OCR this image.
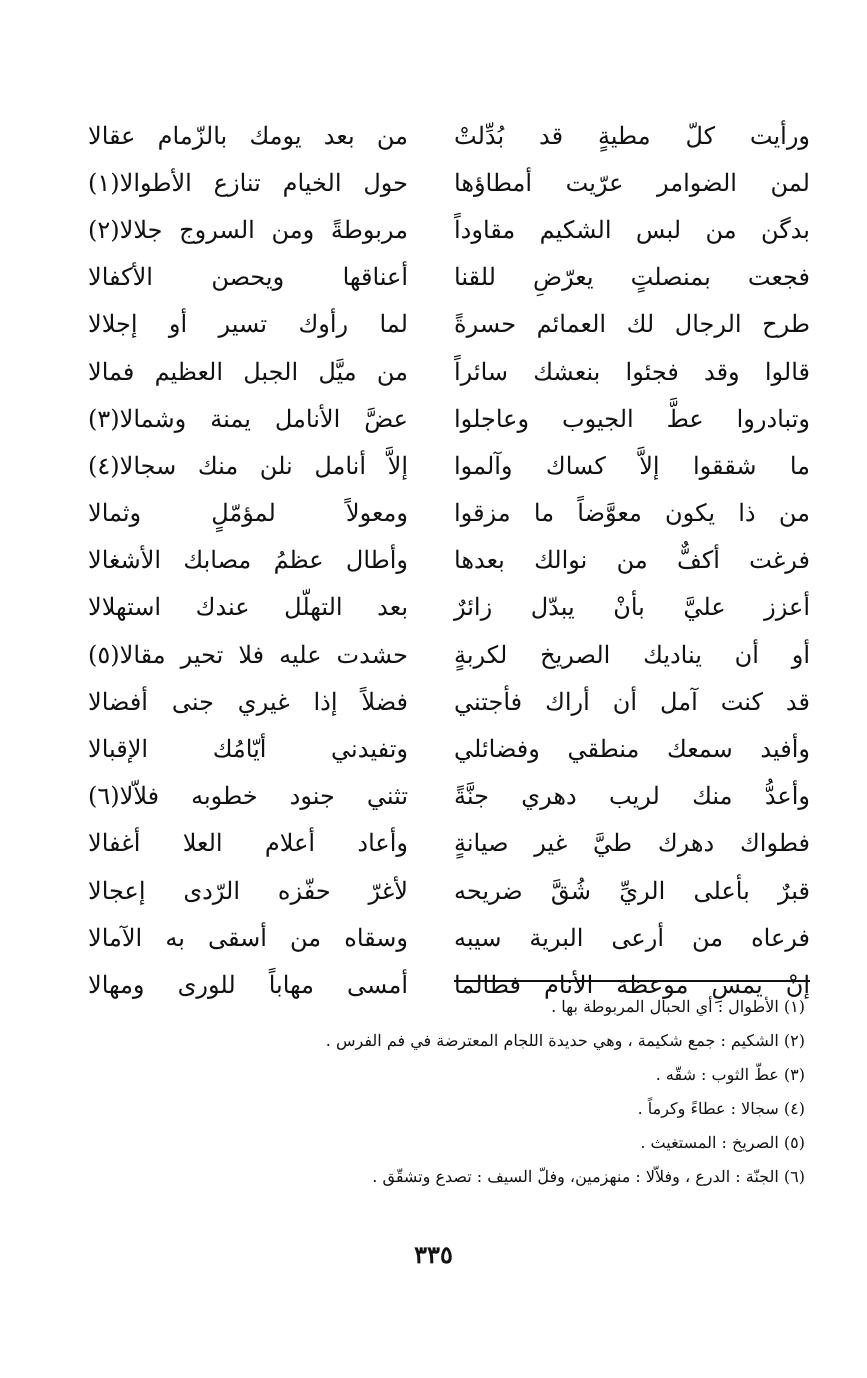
ورأيت كلّ مطيةٍ قد بُدِّلتْ
من بعد يومك بالزّمام عقالا
لمن الضوامر عرّيت أمطاؤها
حول الخيام تنازع الأطوالا(١)
بدگن من لبس الشكيم مقاوداً
مربوطةً ومن السروج جلالا(٢)
فجعت بمنصلتٍ يعرّضِ للقنا
أعناقها ويحصن الأكفالا
طرح الرجال لك العمائم حسرةً
لما رأوك تسير أو إجلالا
قالوا وقد فجئوا بنعشك سائراً
من ميَّل الجبل العظيم فمالا
وتبادروا عطَّ الجيوب وعاجلوا
عضَّ الأنامل يمنة وشمالا(٣)
ما شققوا إلاَّ كساك وآلموا
إلاَّ أنامل نلن منك سجالا(٤)
من ذا يكون معوَّضاً ما مزقوا
ومعولاً لمؤمّلٍ وثمالا
فرغت أكفٌّ من نوالك بعدها
وأطال عظمُ مصابك الأشغالا
أعزز عليَّ بأنْ يبدّل زائرٌ
بعد التهلّل عندك استهلالا
أو أن يناديك الصريخ لكربةٍ
حشدت عليه فلا تحير مقالا(٥)
قد كنت آمل أن أراك فأجتني
فضلاً إذا غيري جنى أفضالا
وأفيد سمعك منطقي وفضائلي
وتفيدني أيّامُك الإقبالا
وأعدُّ منك لريب دهري جنَّةً
تثني جنود خطوبه فلاّلا(٦)
فطواك دهرك طيَّ غير صيانةٍ
وأعاد أعلام العلا أغفالا
قبرٌ بأعلى الريِّ شُقَّ ضريحه
لأغرّ حفّزه الرّدى إعجالا
فرعاه من أرعى البرية سيبه
وسقاه من أسقى به الآمالا
إنْ يمسِ موعظة الأنام فطالما
أمسى مهاباً للورى ومهالا
(١) الأطوال : أي الحبال المربوطة بها .
(٢) الشكيم : جمع شكيمة ، وهي حديدة اللجام المعترضة في فم الفرس .
(٣) عطّ الثوب : شقّه .
(٤) سجالا : عطاءً وكرماً .
(٥) الصريخ : المستغيث .
(٦) الجنّة : الدرع ، وفلاّلا : منهزمين، وفلّ السيف : تصدع وتشقّق .
٣٣٥
